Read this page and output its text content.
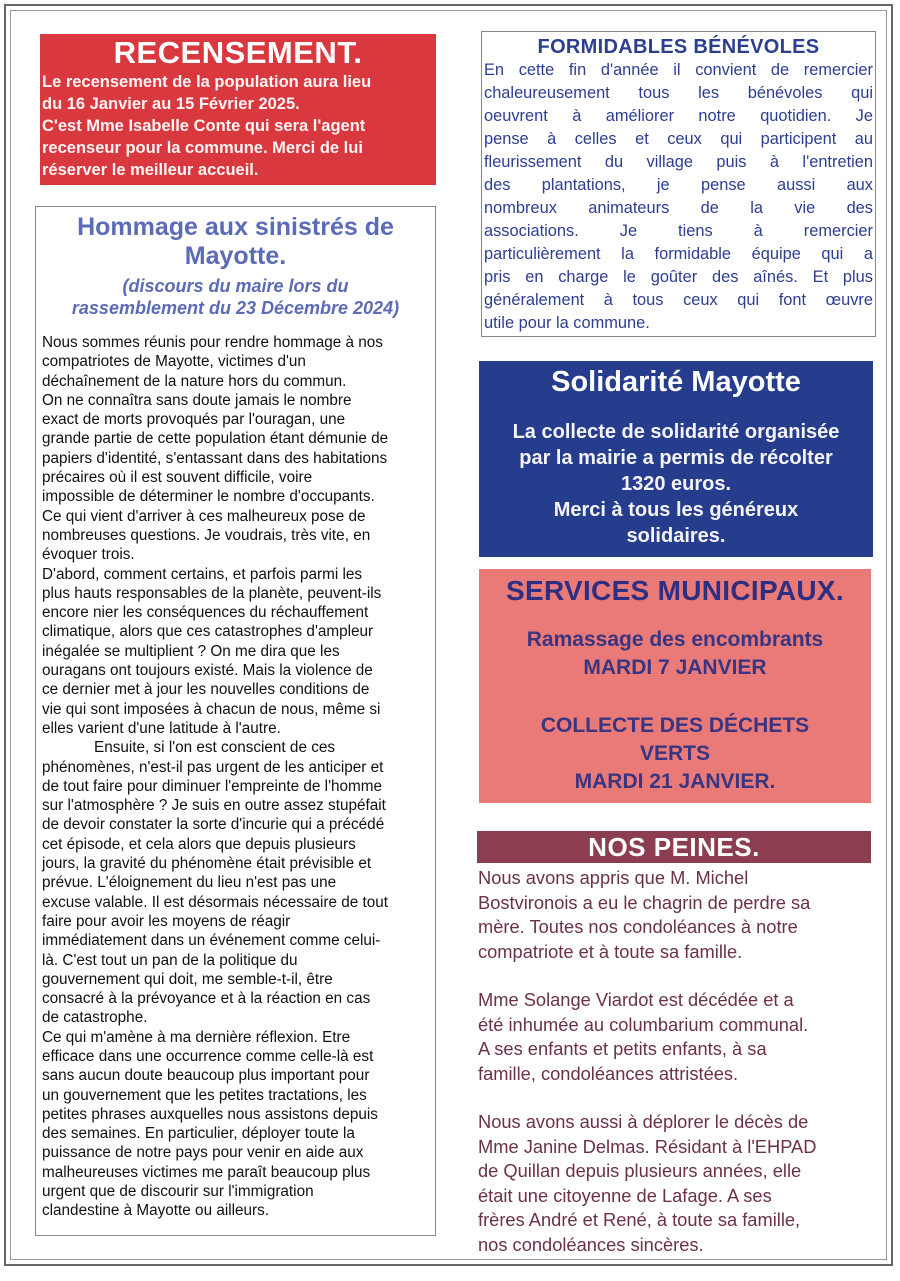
RECENSEMENT.

Le recensement de la population aura lieu
du 16 Janvier au 15 Février 2025.
C'est Mme Isabelle Conte qui sera l'agent
recenseur pour la commune. Merci de lui
réserver le meilleur accueil.

Hommage aux sinistrés de
Mayotte.
(discours du maire lors du
rassemblement du 23 Décembre 2024)
Nous sommes réunis pour rendre hommage à nos
compatriotes de Mayotte, victimes d'un
déchaînement de la nature hors du commun.
On ne connaîtra sans doute jamais le nombre
exact de morts provoqués par l'ouragan, une
grande partie de cette population étant démunie de
papiers d'identité, s'entassant dans des habitations
précaires où il est souvent difficile, voire
impossible de déterminer le nombre d'occupants.
Ce qui vient d'arriver à ces malheureux pose de
nombreuses questions. Je voudrais, très vite, en
évoquer trois.
D'abord, comment certains, et parfois parmi les
plus hauts responsables de la planète, peuvent-ils
encore nier les conséquences du réchauffement
climatique, alors que ces catastrophes d'ampleur
inégalée se multiplient ? On me dira que les
ouragans ont toujours existé. Mais la violence de
ce dernier met à jour les nouvelles conditions de
vie qui sont imposées à chacun de nous, même si
elles varient d'une latitude à l'autre.
Ensuite, si l'on est conscient de ces
phénomènes, n'est-il pas urgent de les anticiper et
de tout faire pour diminuer l'empreinte de l'homme
sur l'atmosphère ? Je suis en outre assez stupéfait
de devoir constater la sorte d'incurie qui a précédé
cet épisode, et cela alors que depuis plusieurs
jours, la gravité du phénomène était prévisible et
prévue. L'éloignement du lieu n'est pas une
excuse valable. Il est désormais nécessaire de tout
faire pour avoir les moyens de réagir
immédiatement dans un événement comme celui-
là. C'est tout un pan de la politique du
gouvernement qui doit, me semble-t-il, être
consacré à la prévoyance et à la réaction en cas
de catastrophe.
Ce qui m'amène à ma dernière réflexion. Etre
efficace dans une occurrence comme celle-là est
sans aucun doute beaucoup plus important pour
un gouvernement que les petites tractations, les
petites phrases auxquelles nous assistons depuis
des semaines. En particulier, déployer toute la
puissance de notre pays pour venir en aide aux
malheureuses victimes me paraît beaucoup plus
urgent que de discourir sur l'immigration
clandestine à Mayotte ou ailleurs.
FORMIDABLES BÉNÉVOLES

En cette fin d'année il convient de remercier
chaleureusement tous les bénévoles qui
oeuvrent à améliorer notre quotidien. Je
pense à celles et ceux qui participent au
fleurissement du village puis à l'entretien
des plantations, je pense aussi aux
nombreux animateurs de la vie des
associations. Je tiens à remercier
particulièrement la formidable équipe qui a
pris en charge le goûter des aînés. Et plus
généralement à tous ceux qui font œuvre
utile pour la commune.

Solidarité Mayotte

La collecte de solidarité organisée
par la mairie a permis de récolter
1320 euros.
Merci à tous les généreux
solidaires.

SERVICES MUNICIPAUX.

Ramassage des encombrants

MARDI 7 JANVIER

COLLECTE DES DÉCHETS

VERTS

MARDI 21 JANVIER.

NOS PEINES.

Nous avons appris que M. Michel
Bostvironois a eu le chagrin de perdre sa
mère. Toutes nos condoléances à notre
compatriote et à toute sa famille.

Mme Solange Viardot est décédée et a
été inhumée au columbarium communal.
A ses enfants et petits enfants, à sa
famille, condoléances attristées.

Nous avons aussi à déplorer le décès de
Mme Janine Delmas. Résidant à l'EHPAD
de Quillan depuis plusieurs années, elle
était une citoyenne de Lafage. A ses
frères André et René, à toute sa famille,
nos condoléances sincères.
